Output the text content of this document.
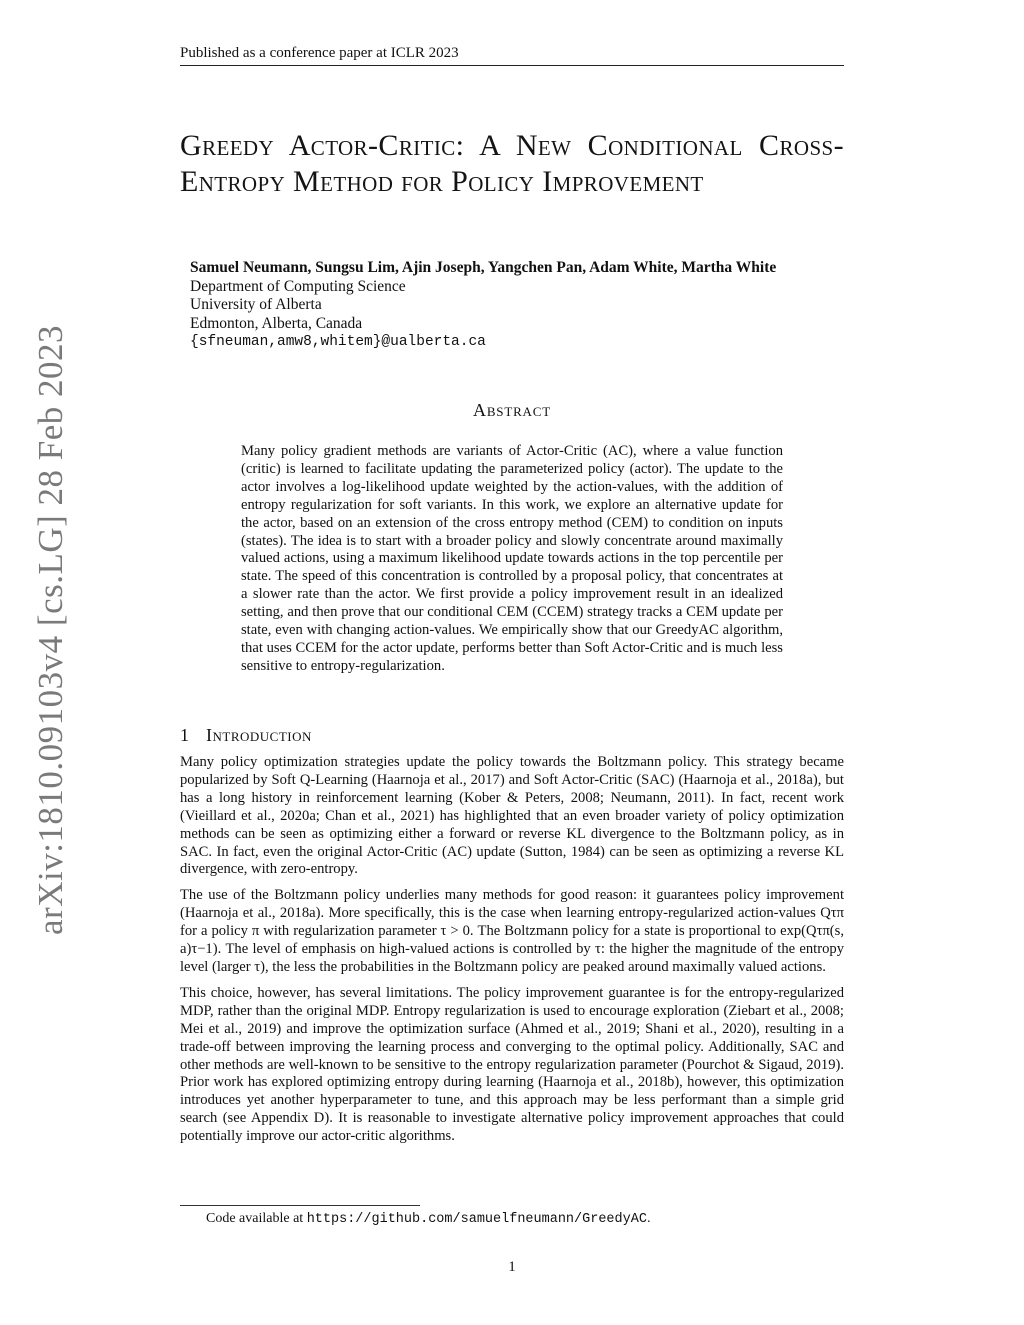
Published as a conference paper at ICLR 2023
arXiv:1810.09103v4 [cs.LG] 28 Feb 2023
Greedy Actor-Critic: A New Conditional Cross-Entropy Method for Policy Improvement
Samuel Neumann, Sungsu Lim, Ajin Joseph, Yangchen Pan, Adam White, Martha White
Department of Computing Science
University of Alberta
Edmonton, Alberta, Canada
{sfneuman,amw8,whitem}@ualberta.ca
Abstract

Many policy gradient methods are variants of Actor-Critic (AC), where a value function (critic) is learned to facilitate updating the parameterized policy (actor). The update to the actor involves a log-likelihood update weighted by the action-values, with the addition of entropy regularization for soft variants. In this work, we explore an alternative update for the actor, based on an extension of the cross entropy method (CEM) to condition on inputs (states). The idea is to start with a broader policy and slowly concentrate around maximally valued actions, using a maximum likelihood update towards actions in the top percentile per state. The speed of this concentration is controlled by a proposal policy, that concentrates at a slower rate than the actor. We first provide a policy improvement result in an idealized setting, and then prove that our conditional CEM (CCEM) strategy tracks a CEM update per state, even with changing action-values. We empirically show that our GreedyAC algorithm, that uses CCEM for the actor update, performs better than Soft Actor-Critic and is much less sensitive to entropy-regularization.

1 Introduction

Many policy optimization strategies update the policy towards the Boltzmann policy. This strategy became popularized by Soft Q-Learning (Haarnoja et al., 2017) and Soft Actor-Critic (SAC) (Haarnoja et al., 2018a), but has a long history in reinforcement learning (Kober & Peters, 2008; Neumann, 2011). In fact, recent work (Vieillard et al., 2020a; Chan et al., 2021) has highlighted that an even broader variety of policy optimization methods can be seen as optimizing either a forward or reverse KL divergence to the Boltzmann policy, as in SAC. In fact, even the original Actor-Critic (AC) update (Sutton, 1984) can be seen as optimizing a reverse KL divergence, with zero-entropy.

The use of the Boltzmann policy underlies many methods for good reason: it guarantees policy improvement (Haarnoja et al., 2018a). More specifically, this is the case when learning entropy-regularized action-values Qτπ for a policy π with regularization parameter τ > 0. The Boltzmann policy for a state is proportional to exp(Qτπ(s, a)τ−1). The level of emphasis on high-valued actions is controlled by τ: the higher the magnitude of the entropy level (larger τ), the less the probabilities in the Boltzmann policy are peaked around maximally valued actions.

This choice, however, has several limitations. The policy improvement guarantee is for the entropy-regularized MDP, rather than the original MDP. Entropy regularization is used to encourage exploration (Ziebart et al., 2008; Mei et al., 2019) and improve the optimization surface (Ahmed et al., 2019; Shani et al., 2020), resulting in a trade-off between improving the learning process and converging to the optimal policy. Additionally, SAC and other methods are well-known to be sensitive to the entropy regularization parameter (Pourchot & Sigaud, 2019). Prior work has explored optimizing entropy during learning (Haarnoja et al., 2018b), however, this optimization introduces yet another hyperparameter to tune, and this approach may be less performant than a simple grid search (see Appendix D). It is reasonable to investigate alternative policy improvement approaches that could potentially improve our actor-critic algorithms.

Code available at https://github.com/samuelfneumann/GreedyAC.
1
